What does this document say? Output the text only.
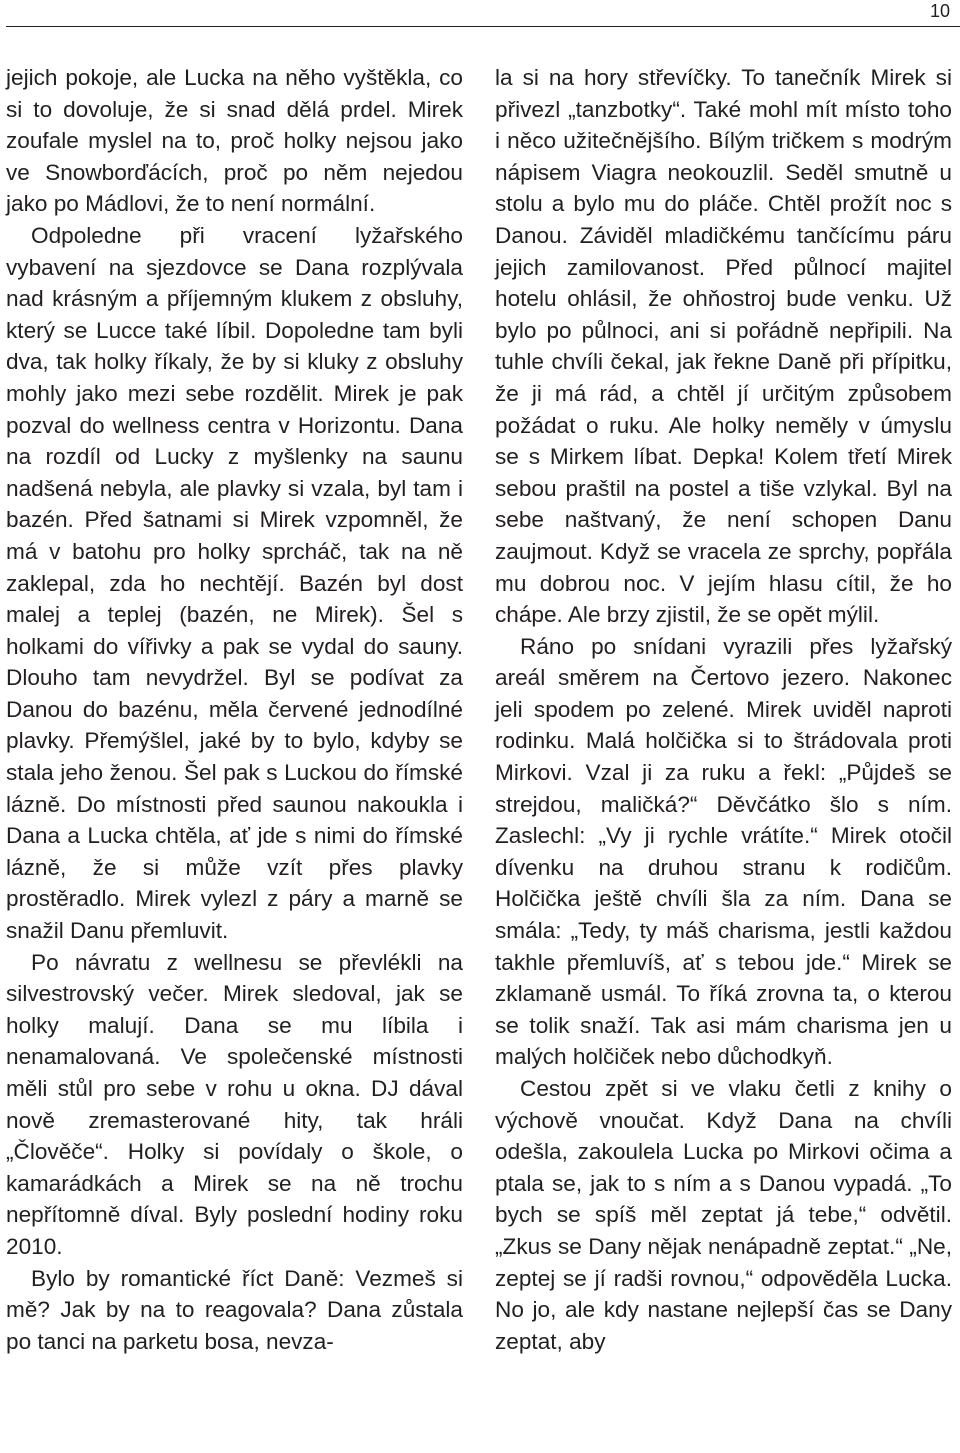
10

jejich pokoje, ale Lucka na něho vyštěkla, co si to dovoluje, že si snad dělá prdel. Mirek zoufale myslel na to, proč holky nejsou jako ve Snowborďácích, proč po něm nejedou jako po Mádlovi, že to není normální.

Odpoledne při vracení lyžařského vybavení na sjezdovce se Dana rozplývala nad krásným a příjemným klukem z obsluhy, který se Lucce také líbil. Dopoledne tam byli dva, tak holky říkaly, že by si kluky z obsluhy mohly jako mezi sebe rozdělit. Mirek je pak pozval do wellness centra v Horizontu. Dana na rozdíl od Lucky z myšlenky na saunu nadšená nebyla, ale plavky si vzala, byl tam i bazén. Před šatnami si Mirek vzpomněl, že má v batohu pro holky sprcháč, tak na ně zaklepal, zda ho nechtějí. Bazén byl dost malej a teplej (bazén, ne Mirek). Šel s holkami do vířivky a pak se vydal do sauny. Dlouho tam nevydržel. Byl se podívat za Danou do bazénu, měla červené jednodílné plavky. Přemýšlel, jaké by to bylo, kdyby se stala jeho ženou. Šel pak s Luckou do římské lázně. Do místnosti před saunou nakoukla i Dana a Lucka chtěla, ať jde s nimi do římské lázně, že si může vzít přes plavky prostěradlo. Mirek vylezl z páry a marně se snažil Danu přemluvit.

Po návratu z wellnesu se převlékli na silvestrovský večer. Mirek sledoval, jak se holky malují. Dana se mu líbila i nenamalovaná. Ve společenské místnosti měli stůl pro sebe v rohu u okna. DJ dával nově zremasterované hity, tak hráli „Člověče“. Holky si povídaly o škole, o kamarádkách a Mirek se na ně trochu nepřítomně díval. Byly poslední hodiny roku 2010.

Bylo by romantické říct Daně: Vezmeš si mě? Jak by na to reagovala? Dana zůstala po tanci na parketu bosa, nevza-

la si na hory střevíčky. To tanečník Mirek si přivezl „tanzbotky“. Také mohl mít místo toho i něco užitečnějšího. Bílým tričkem s modrým nápisem Viagra neokouzlil. Seděl smutně u stolu a bylo mu do pláče. Chtěl prožít noc s Danou. Záviděl mladičkému tančícímu páru jejich zamilovanost. Před půlnocí majitel hotelu ohlásil, že ohňostroj bude venku. Už bylo po půlnoci, ani si pořádně nepřipili. Na tuhle chvíli čekal, jak řekne Daně při přípitku, že ji má rád, a chtěl jí určitým způsobem požádat o ruku. Ale holky neměly v úmyslu se s Mirkem líbat. Depka! Kolem třetí Mirek sebou praštil na postel a tiše vzlykal. Byl na sebe naštvaný, že není schopen Danu zaujmout. Když se vracela ze sprchy, popřála mu dobrou noc. V jejím hlasu cítil, že ho chápe. Ale brzy zjistil, že se opět mýlil.

Ráno po snídani vyrazili přes lyžařský areál směrem na Čertovo jezero. Nakonec jeli spodem po zelené. Mirek uviděl naproti rodinku. Malá holčička si to štrádovala proti Mirkovi. Vzal ji za ruku a řekl: „Půjdeš se strejdou, maličká?“ Děvčátko šlo s ním. Zaslechl: „Vy ji rychle vrátíte.“ Mirek otočil dívenku na druhou stranu k rodičům. Holčička ještě chvíli šla za ním. Dana se smála: „Tedy, ty máš charisma, jestli každou takhle přemluvíš, ať s tebou jde.“ Mirek se zklamaně usmál. To říká zrovna ta, o kterou se tolik snaží. Tak asi mám charisma jen u malých holčiček nebo důchodkyň.

Cestou zpět si ve vlaku četli z knihy o výchově vnoučat. Když Dana na chvíli odešla, zakoulela Lucka po Mirkovi očima a ptala se, jak to s ním a s Danou vypadá. „To bych se spíš měl zeptat já tebe,“ odvětil. „Zkus se Dany nějak nenápadně zeptat.“ „Ne, zeptej se jí radši rovnou,“ odpověděla Lucka. No jo, ale kdy nastane nejlepší čas se Dany zeptat, aby
